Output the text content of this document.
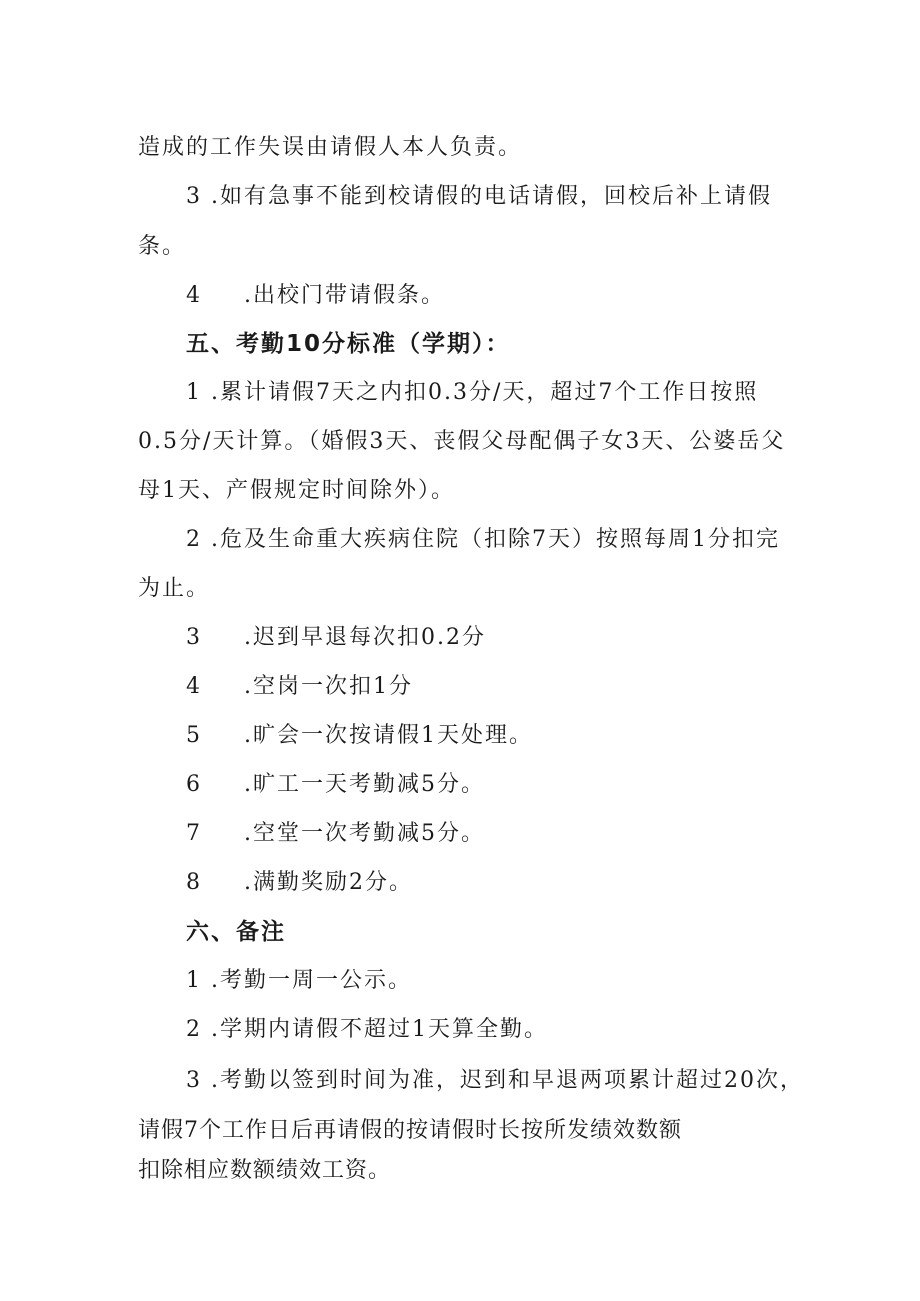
造成的工作失误由请假人本人负责。
3 .如有急事不能到校请假的电话请假，回校后补上请假
条。
4 .出校门带请假条。
五、考勤10分标准（学期）：
1 .累计请假7天之内扣0.3分/天，超过7个工作日按照
0.5分/天计算。（婚假3天、丧假父母配偶子女3天、公婆岳父
母1天、产假规定时间除外）。
2 .危及生命重大疾病住院（扣除7天）按照每周1分扣完
为止。
3 .迟到早退每次扣0.2分
4 .空岗一次扣1分
5 .旷会一次按请假1天处理。
6 .旷工一天考勤减5分。
7 .空堂一次考勤减5分。
8 .满勤奖励2分。
六、备注
1 .考勤一周一公示。
2 .学期内请假不超过1天算全勤。
3 .考勤以签到时间为准，迟到和早退两项累计超过20次，
请假7个工作日后再请假的按请假时长按所发绩效数额
扣除相应数额绩效工资。
